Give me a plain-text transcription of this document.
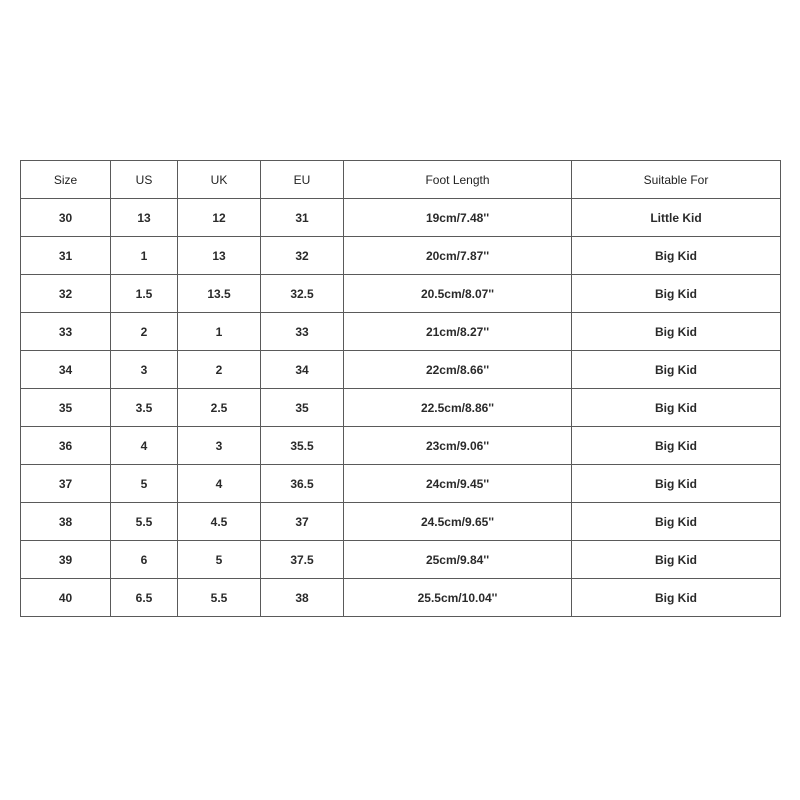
Size	US	UK	EU	Foot Length	Suitable For
30	13	12	31	19cm/7.48''	Little Kid
31	1	13	32	20cm/7.87''	Big Kid
32	1.5	13.5	32.5	20.5cm/8.07''	Big Kid
33	2	1	33	21cm/8.27''	Big Kid
34	3	2	34	22cm/8.66''	Big Kid
35	3.5	2.5	35	22.5cm/8.86''	Big Kid
36	4	3	35.5	23cm/9.06''	Big Kid
37	5	4	36.5	24cm/9.45''	Big Kid
38	5.5	4.5	37	24.5cm/9.65''	Big Kid
39	6	5	37.5	25cm/9.84''	Big Kid
40	6.5	5.5	38	25.5cm/10.04''	Big Kid
